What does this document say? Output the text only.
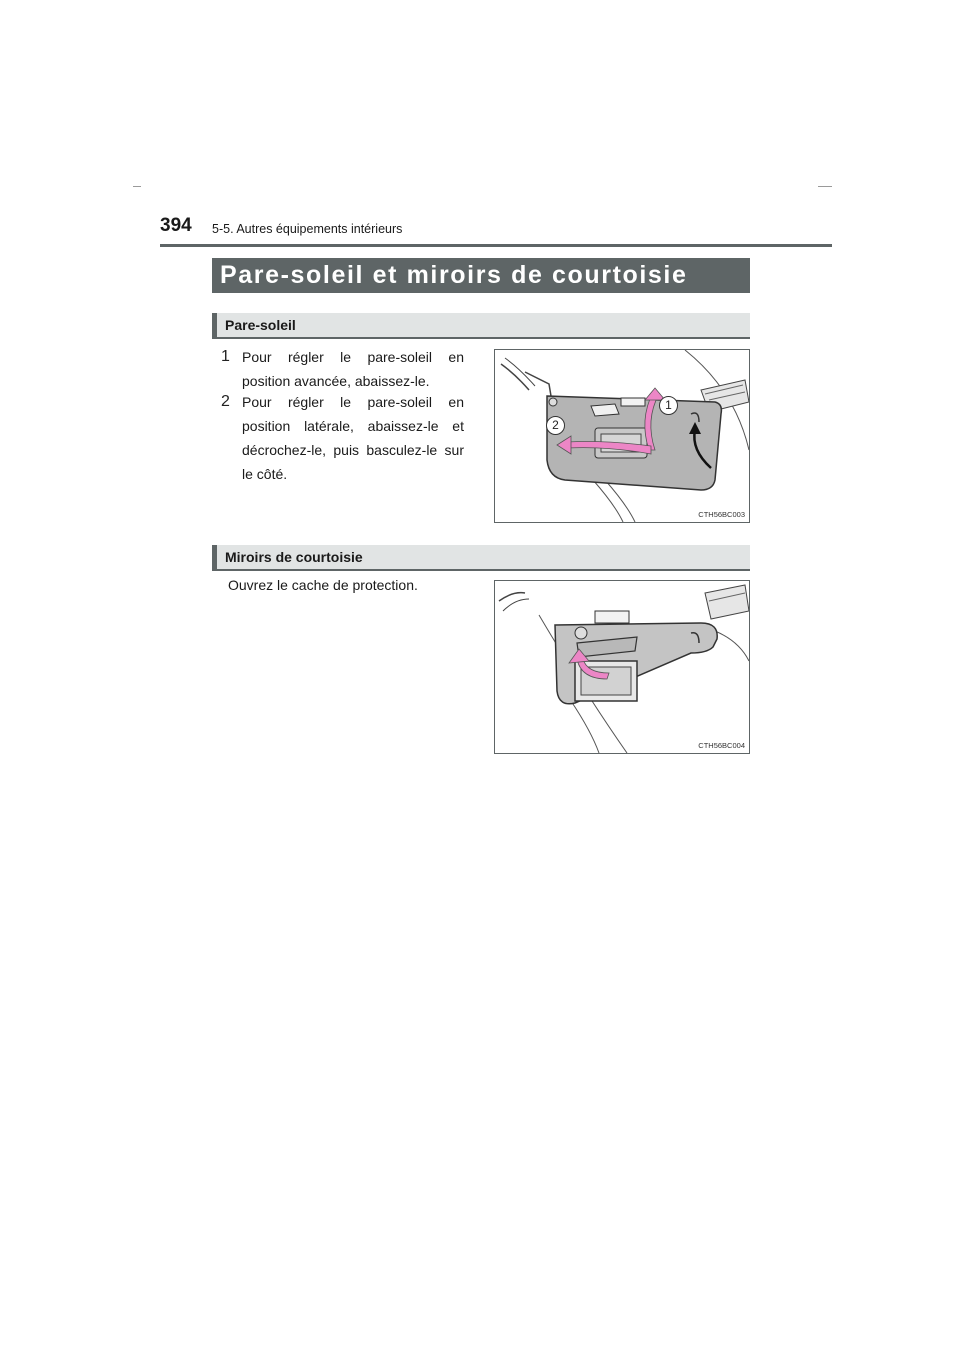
394 5-5. Autres équipements intérieurs
Pare-soleil et miroirs de courtoisie
Pare-soleil
1 Pour régler le pare-soleil en position avancée, abaissez-le.
2 Pour régler le pare-soleil en position latérale, abaissez-le et décrochez-le, puis basculez-le sur le côté.
1
2
CTH56BC003
Miroirs de courtoisie
Ouvrez le cache de protection.
CTH56BC004
